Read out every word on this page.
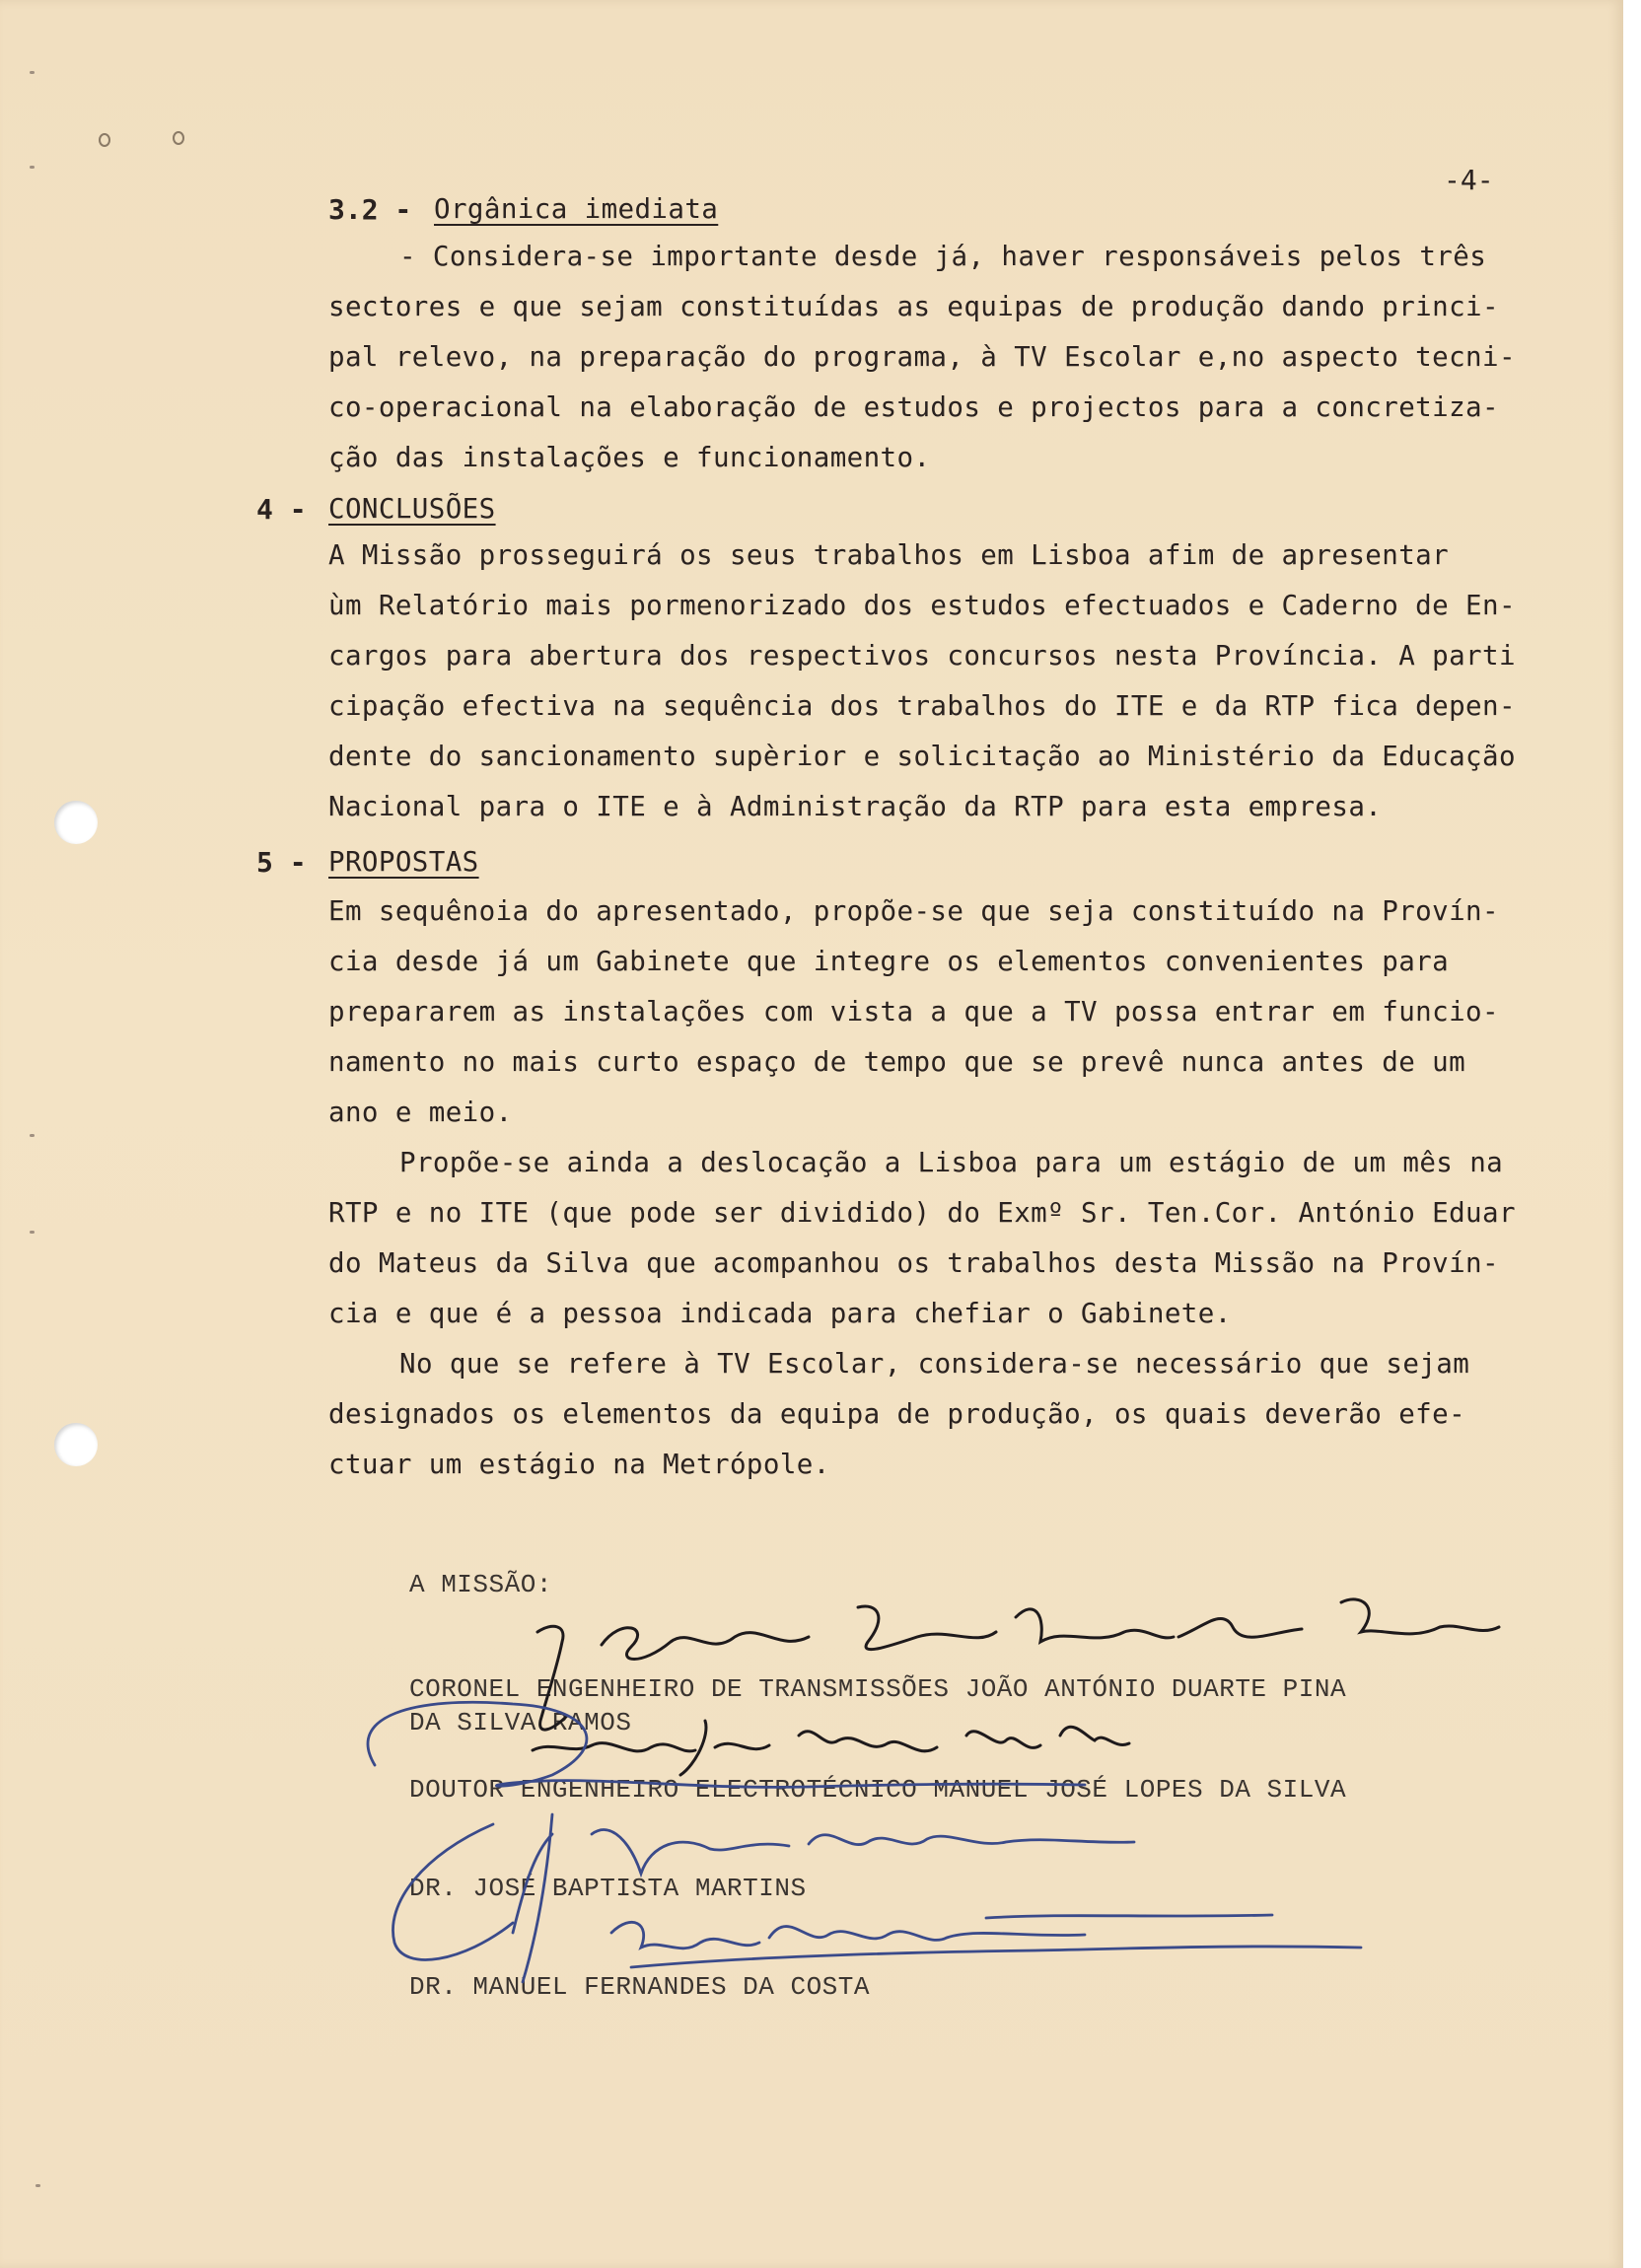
-4-
3.2 - Orgânica imediata
- Considera-se importante desde já, haver responsáveis pelos três
sectores e que sejam constituídas as equipas de produção dando princi-
pal relevo, na preparação do programa, à TV Escolar e,no aspecto tecni-
co-operacional na elaboração de estudos e projectos para a concretiza-
ção das instalações e funcionamento.
4 - CONCLUSÕES
A Missão prosseguirá os seus trabalhos em Lisboa afim de apresentar
ùm Relatório mais pormenorizado dos estudos efectuados e Caderno de En-
cargos para abertura dos respectivos concursos nesta Província. A parti
cipação efectiva na sequência dos trabalhos do ITE e da RTP fica depen-
dente do sancionamento supèrior e solicitação ao Ministério da Educação
Nacional para o ITE e à Administração da RTP para esta empresa.
5 - PROPOSTAS
Em sequênoia do apresentado, propõe-se que seja constituído na Provín-
cia desde já um Gabinete que integre os elementos convenientes para
prepararem as instalações com vista a que a TV possa entrar em funcio-
namento no mais curto espaço de tempo que se prevê nunca antes de um
ano e meio.
Propõe-se ainda a deslocação a Lisboa para um estágio de um mês na
RTP e no ITE (que pode ser dividido) do Exmº Sr. Ten.Cor. António Eduar
do Mateus da Silva que acompanhou os trabalhos desta Missão na Provín-
cia e que é a pessoa indicada para chefiar o Gabinete.
No que se refere à TV Escolar, considera-se necessário que sejam
designados os elementos da equipa de produção, os quais deverão efe-
ctuar um estágio na Metrópole.
A MISSÃO:
CORONEL ENGENHEIRO DE TRANSMISSÕES JOÃO ANTÓNIO DUARTE PINA
DA SILVA RAMOS
DOUTOR ENGENHEIRO ELECTROTÉCNICO MANUEL JOSÉ LOPES DA SILVA
DR. JOSÉ BAPTISTA MARTINS
DR. MANUEL FERNANDES DA COSTA
